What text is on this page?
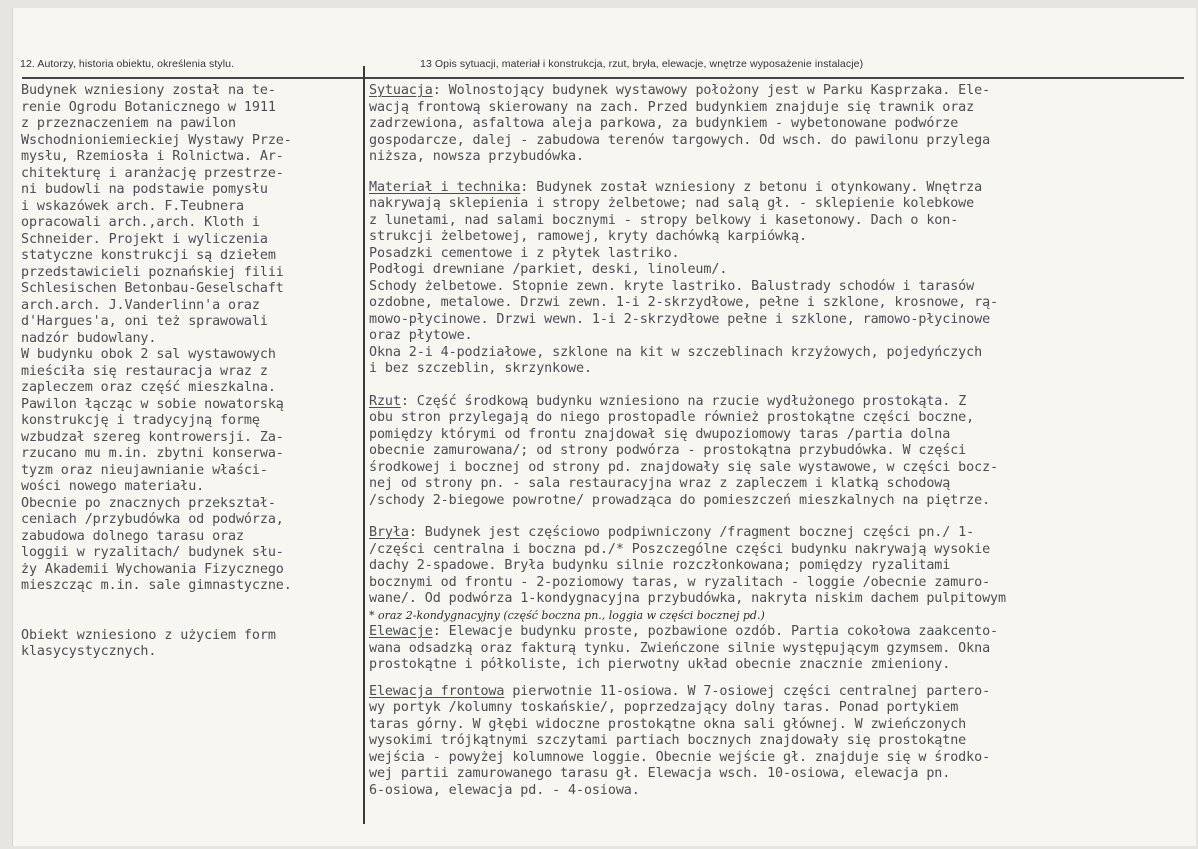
12. Autorzy, historia obiektu, określenia stylu.	13 Opis sytuacji, materiał i konstrukcja, rzut, bryła, elewacje, wnętrze wyposażenie instalacje)
Budynek wzniesiony został na te-
renie Ogrodu Botanicznego w 1911
z przeznaczeniem na pawilon
Wschodnioniemieckiej Wystawy Prze-
mysłu, Rzemiosła i Rolnictwa. Ar-
chitekturę i aranżację przestrze-
ni budowli na podstawie pomysłu
i wskazówek arch. F.Teubnera
opracowali arch.,arch. Kloth i
Schneider. Projekt i wyliczenia
statyczne konstrukcji są dziełem
przedstawicieli poznańskiej filii
Schlesischen Betonbau-Geselschaft
arch.arch. J.Vanderlinn'a oraz
d'Hargues'a, oni też sprawowali
nadzór budowlany.
W budynku obok 2 sal wystawowych
mieściła się restauracja wraz z
zapleczem oraz część mieszkalna.
Pawilon łącząc w sobie nowatorską
konstrukcję i tradycyjną formę
wzbudzał szereg kontrowersji. Za-
rzucano mu m.in. zbytni konserwa-
tyzm oraz nieujawnianie właści-
wości nowego materiału.
Obecnie po znacznych przekształ-
ceniach /przybudówka od podwórza,
zabudowa dolnego tarasu oraz
loggii w ryzalitach/ budynek słu-
ży Akademii Wychowania Fizycznego
mieszcząc m.in. sale gimnastyczne.
Obiekt wzniesiono z użyciem form
klasycystycznych.
Sytuacja: Wolnostojący budynek wystawowy położony jest w Parku Kasprzaka. Ele-
wacją frontową skierowany na zach. Przed budynkiem znajduje się trawnik oraz
zadrzewiona, asfaltowa aleja parkowa, za budynkiem - wybetonowane podwórze
gospodarcze, dalej - zabudowa terenów targowych. Od wsch. do pawilonu przylega
niższa, nowsza przybudówka.
Materiał i technika: Budynek został wzniesiony z betonu i otynkowany. Wnętrza
nakrywają sklepienia i stropy żelbetowe; nad salą gł. - sklepienie kolebkowe
z lunetami, nad salami bocznymi - stropy belkowy i kasetonowy. Dach o kon-
strukcji żelbetowej, ramowej, kryty dachówką karpiówką.
Posadzki cementowe i z płytek lastriko.
Podłogi drewniane /parkiet, deski, linoleum/.
Schody żelbetowe. Stopnie zewn. kryte lastriko. Balustrady schodów i tarasów
ozdobne, metalowe. Drzwi zewn. 1-i 2-skrzydłowe, pełne i szklone, krosnowe, rą-
mowo-płycinowe. Drzwi wewn. 1-i 2-skrzydłowe pełne i szklone, ramowo-płycinowe
oraz płytowe.
Okna 2-i 4-podziałowe, szklone na kit w szczeblinach krzyżowych, pojedyńczych
i bez szczeblin, skrzynkowe.
Rzut: Część środkową budynku wzniesiono na rzucie wydłużonego prostokąta. Z
obu stron przylegają do niego prostopadle również prostokątne części boczne,
pomiędzy którymi od frontu znajdował się dwupoziomowy taras /partia dolna
obecnie zamurowana/; od strony podwórza - prostokątna przybudówka. W części
środkowej i bocznej od strony pd. znajdowały się sale wystawowe, w części bocz-
nej od strony pn. - sala restauracyjna wraz z zapleczem i klatką schodową
/schody 2-biegowe powrotne/ prowadząca do pomieszczeń mieszkalnych na piętrze.
Bryła: Budynek jest częściowo podpiwniczony /fragment bocznej części pn./ 1-
/części centralna i boczna pd./* Poszczególne części budynku nakrywają wysokie
dachy 2-spadowe. Bryła budynku silnie rozczłonkowana; pomiędzy ryzalitami
bocznymi od frontu - 2-poziomowy taras, w ryzalitach - loggie /obecnie zamuro-
wane/. Od podwórza 1-kondygnacyjna przybudówka, nakryta niskim dachem pulpitowym
* oraz 2-kondygnacyjny (część boczna pn., loggia w części bocznej pd.)
Elewacje: Elewacje budynku proste, pozbawione ozdób. Partia cokołowa zaakcento-
wana odsadzką oraz fakturą tynku. Zwieńczone silnie występującym gzymsem. Okna
prostokątne i półkoliste, ich pierwotny układ obecnie znacznie zmieniony.
Elewacja frontowa pierwotnie 11-osiowa. W 7-osiowej części centralnej partero-
wy portyk /kolumny toskańskie/, poprzedzający dolny taras. Ponad portykiem
taras górny. W głębi widoczne prostokątne okna sali głównej. W zwieńczonych
wysokimi trójkątnymi szczytami partiach bocznych znajdowały się prostokątne
wejścia - powyżej kolumnowe loggie. Obecnie wejście gł. znajduje się w środko-
wej partii zamurowanego tarasu gł. Elewacja wsch. 10-osiowa, elewacja pn.
6-osiowa, elewacja pd. - 4-osiowa.
